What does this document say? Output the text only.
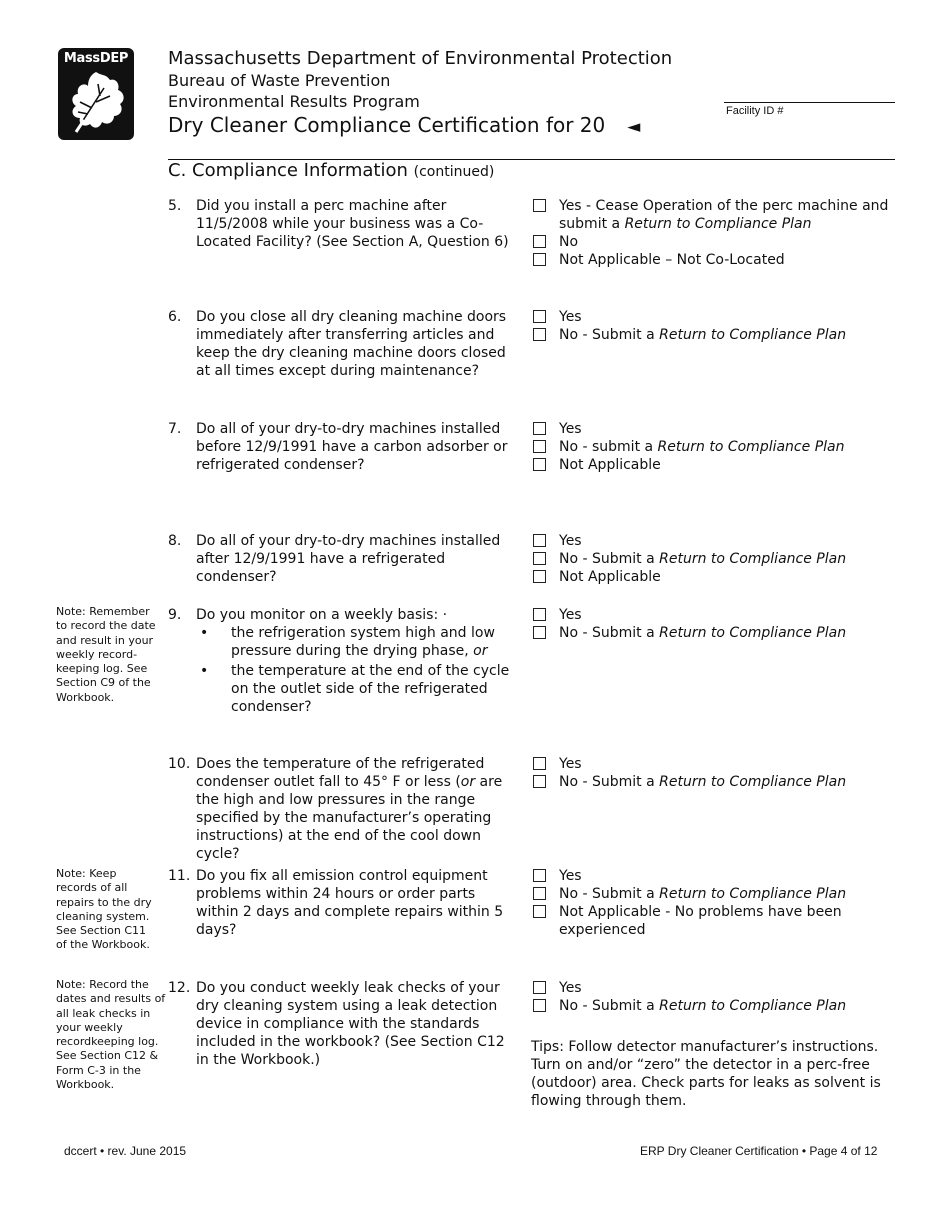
MassDEP	Massachusetts Department of Environmental Protection
Bureau of Waste Prevention
Environmental Results Program
Dry Cleaner Compliance Certification for 20 ◄
Facility ID #
C. Compliance Information (continued)
5.	Did you install a perc machine after 11/5/2008 while your business was a Co-Located Facility? (See Section A, Question 6)
Yes - Cease Operation of the perc machine and submit a Return to Compliance Plan
No
Not Applicable – Not Co-Located
6.	Do you close all dry cleaning machine doors immediately after transferring articles and keep the dry cleaning machine doors closed at all times except during maintenance?
Yes
No - Submit a Return to Compliance Plan
7.	Do all of your dry-to-dry machines installed before 12/9/1991 have a carbon adsorber or refrigerated condenser?
Yes
No - submit a Return to Compliance Plan
Not Applicable
8.	Do all of your dry-to-dry machines installed after 12/9/1991 have a refrigerated condenser?
Yes
No - Submit a Return to Compliance Plan
Not Applicable
Note: Remember to record the date and result in your weekly record-keeping log. See Section C9 of the Workbook.
9.	Do you monitor on a weekly basis: ·
• the refrigeration system high and low pressure during the drying phase, or
• the temperature at the end of the cycle on the outlet side of the refrigerated condenser?
Yes
No - Submit a Return to Compliance Plan
10. Does the temperature of the refrigerated condenser outlet fall to 45° F or less (or are the high and low pressures in the range specified by the manufacturer’s operating instructions) at the end of the cool down cycle?
Yes
No - Submit a Return to Compliance Plan
Note: Keep records of all repairs to the dry cleaning system. See Section C11 of the Workbook.
11. Do you fix all emission control equipment problems within 24 hours or order parts within 2 days and complete repairs within 5 days?
Yes
No - Submit a Return to Compliance Plan
Not Applicable - No problems have been experienced
Note: Record the dates and results of all leak checks in your weekly recordkeeping log. See Section C12 & Form C-3 in the Workbook.
12. Do you conduct weekly leak checks of your dry cleaning system using a leak detection device in compliance with the standards included in the workbook? (See Section C12 in the Workbook.)
Yes
No - Submit a Return to Compliance Plan
Tips: Follow detector manufacturer’s instructions. Turn on and/or “zero” the detector in a perc-free (outdoor) area. Check parts for leaks as solvent is flowing through them.
dccert • rev. June 2015	ERP Dry Cleaner Certification • Page 4 of 12
